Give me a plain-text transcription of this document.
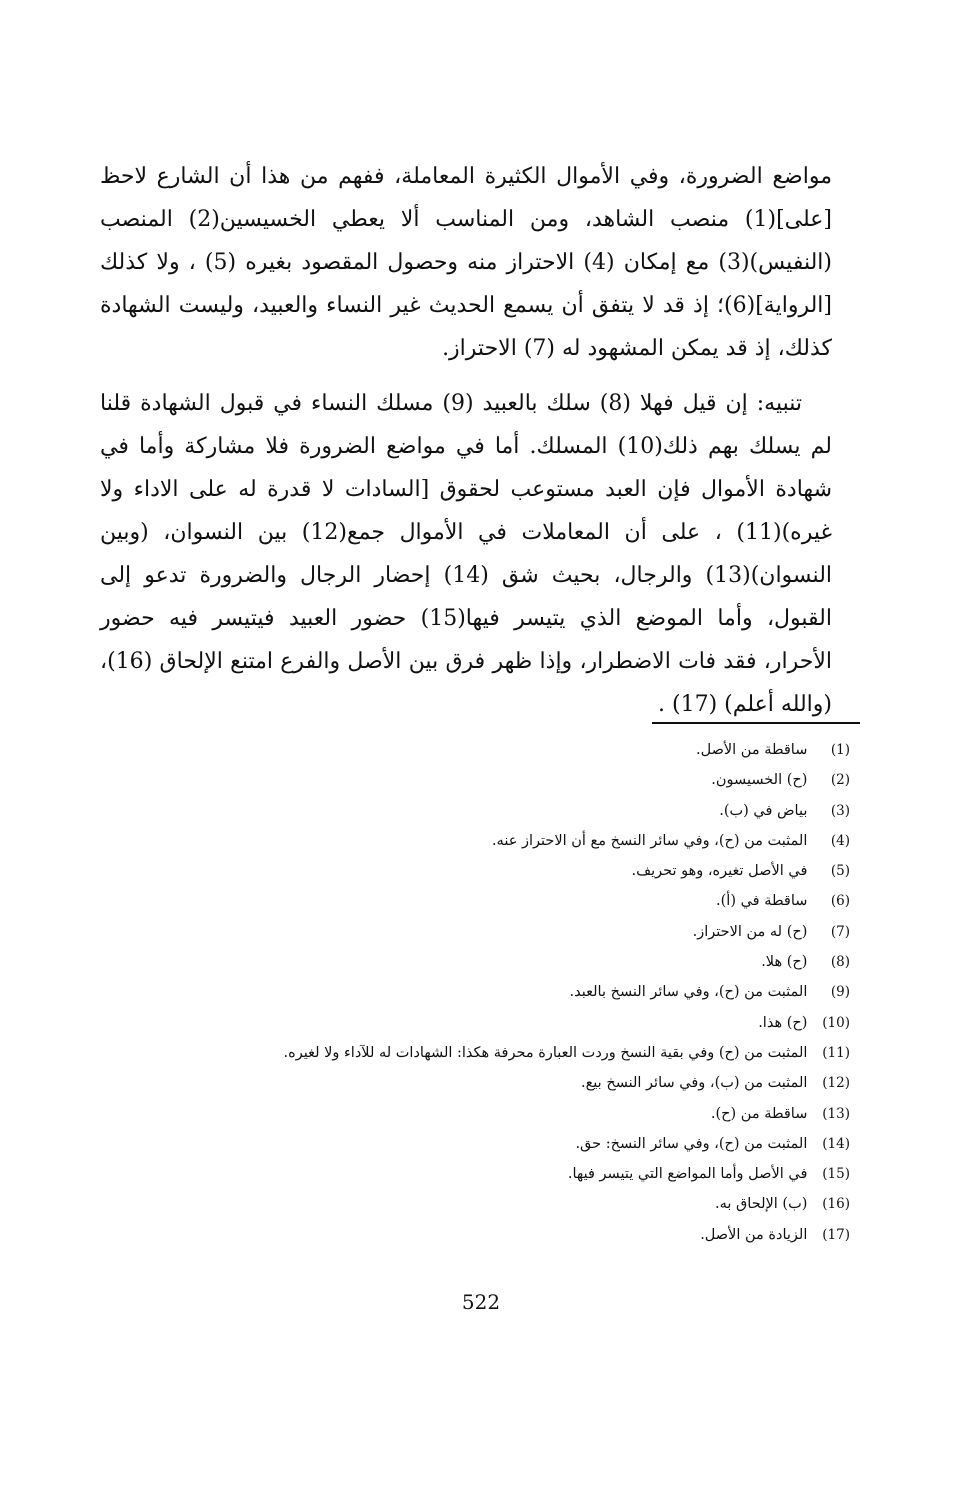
مواضع الضرورة، وفي الأموال الكثيرة المعاملة، ففهم من هذا أن الشارع لاحظ [على](1) منصب الشاهد، ومن المناسب ألا يعطي الخسيسين(2) المنصب (النفيس)(3) مع إمكان (4) الاحتراز منه وحصول المقصود بغيره (5) ، ولا كذلك [الرواية](6)؛ إذ قد لا يتفق أن يسمع الحديث غير النساء والعبيد، وليست الشهادة كذلك، إذ قد يمكن المشهود له (7) الاحتراز.

تنبيه: إن قيل فهلا (8) سلك بالعبيد (9) مسلك النساء في قبول الشهادة قلنا لم يسلك بهم ذلك(10) المسلك. أما في مواضع الضرورة فلا مشاركة وأما في شهادة الأموال فإن العبد مستوعب لحقوق [السادات لا قدرة له على الاداء ولا غيره)(11) ، على أن المعاملات في الأموال جمع(12) بين النسوان، (وبين النسوان)(13) والرجال، بحيث شق (14) إحضار الرجال والضرورة تدعو إلى القبول، وأما الموضع الذي يتيسر فيها(15) حضور العبيد فيتيسر فيه حضور الأحرار، فقد فات الاضطرار، وإذا ظهر فرق بين الأصل والفرع امتنع الإلحاق (16)، (والله أعلم) (17) .

(1) ساقطة من الأصل.
(2) (ح) الخسيسون.
(3) بياض في (ب).
(4) المثبت من (ح)، وفي سائر النسخ مع أن الاحتراز عنه.
(5) في الأصل تغيره، وهو تحريف.
(6) ساقطة في (أ).
(7) (ح) له من الاحتراز.
(8) (ح) هلا.
(9) المثبت من (ح)، وفي سائر النسخ بالعبد.
(10) (ح) هذا.
(11) المثبت من (ح) وفي بقية النسخ وردت العبارة محرفة هكذا: الشهادات له للآداء ولا لغيره.
(12) المثبت من (ب)، وفي سائر النسخ بيع.
(13) ساقطة من (ح).
(14) المثبت من (ح)، وفي سائر النسخ: حق.
(15) في الأصل وأما المواضع التي يتيسر فيها.
(16) (ب) الإلحاق به.
(17) الزيادة من الأصل.
522
